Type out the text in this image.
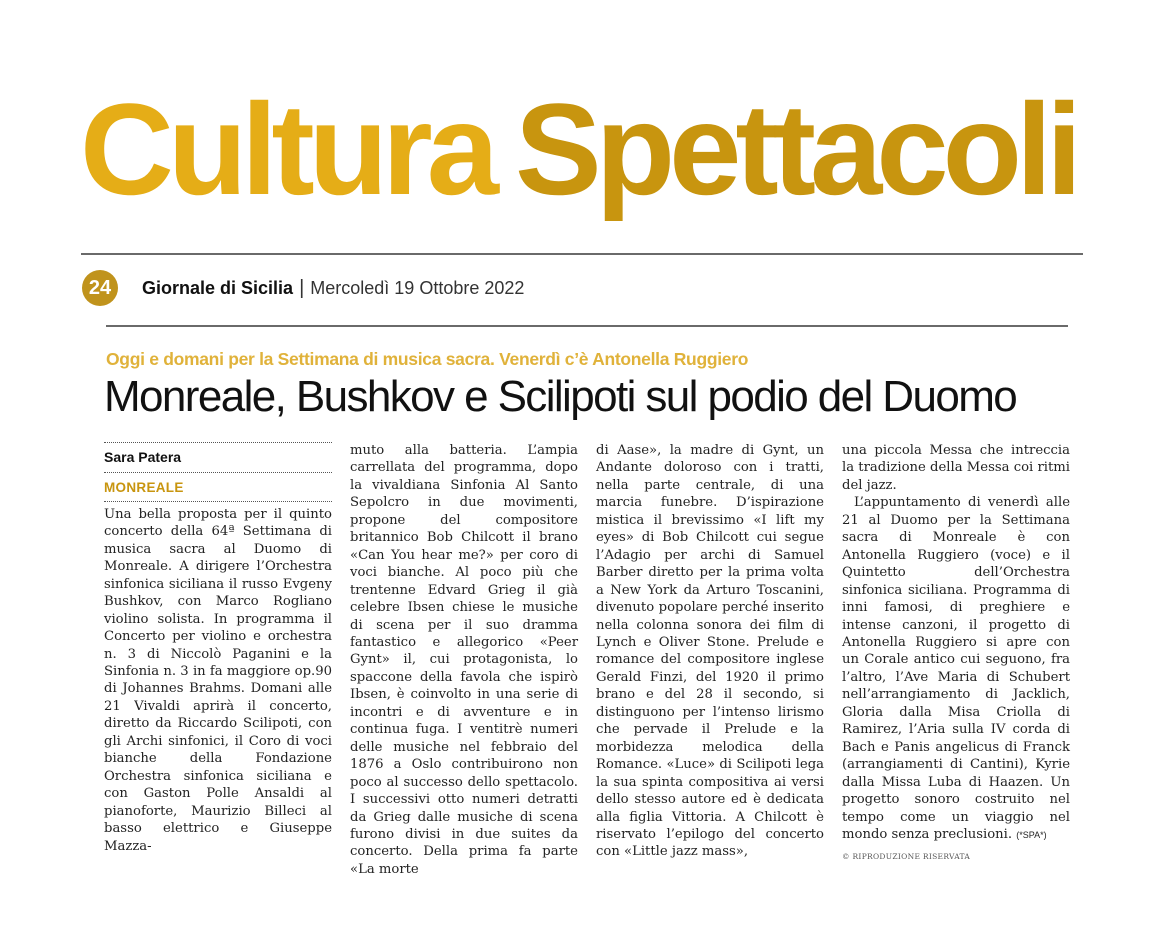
Cultura Spettacoli
24	Giornale di Sicilia | Mercoledì 19 Ottobre 2022
Oggi e domani per la Settimana di musica sacra. Venerdì c’è Antonella Ruggiero
Monreale, Bushkov e Scilipoti sul podio del Duomo
Sara Patera
MONREALE

Una bella proposta per il quinto concerto della 64ª Settimana di musica sacra al Duomo di Monreale. A dirigere l’Orchestra sinfonica siciliana il russo Evgeny Bushkov, con Marco Rogliano violino solista. In programma il Concerto per violino e orchestra n. 3 di Niccolò Paganini e la Sinfonia n. 3 in fa maggiore op.90 di Johannes Brahms. Domani alle 21 Vivaldi aprirà il concerto, diretto da Riccardo Scilipoti, con gli Archi sinfonici, il Coro di voci bianche della Fondazione Orchestra sinfonica siciliana e con Gaston Polle Ansaldi al pianoforte, Maurizio Billeci al basso elettrico e Giuseppe Mazza-

muto alla batteria. L’ampia carrellata del programma, dopo la vivaldiana Sinfonia Al Santo Sepolcro in due movimenti, propone del compositore britannico Bob Chilcott il brano «Can You hear me?» per coro di voci bianche. Al poco più che trentenne Edvard Grieg il già celebre Ibsen chiese le musiche di scena per il suo dramma fantastico e allegorico «Peer Gynt» il, cui protagonista, lo spaccone della favola che ispirò Ibsen, è coinvolto in una serie di incontri e di avventure e in continua fuga. I ventitrè numeri delle musiche nel febbraio del 1876 a Oslo contribuirono non poco al successo dello spettacolo. I successivi otto numeri detratti da Grieg dalle musiche di scena furono divisi in due suites da concerto. Della prima fa parte «La morte

di Aase», la madre di Gynt, un Andante doloroso con i tratti, nella parte centrale, di una marcia funebre. D’ispirazione mistica il brevissimo «I lift my eyes» di Bob Chilcott cui segue l’Adagio per archi di Samuel Barber diretto per la prima volta a New York da Arturo Toscanini, divenuto popolare perché inserito nella colonna sonora dei film di Lynch e Oliver Stone. Prelude e romance del compositore inglese Gerald Finzi, del 1920 il primo brano e del 28 il secondo, si distinguono per l’intenso lirismo che pervade il Prelude e la morbidezza melodica della Romance. «Luce» di Scilipoti lega la sua spinta compositiva ai versi dello stesso autore ed è dedicata alla figlia Vittoria. A Chilcott è riservato l’epilogo del concerto con «Little jazz mass»,

una piccola Messa che intreccia la tradizione della Messa coi ritmi del jazz.

L’appuntamento di venerdì alle 21 al Duomo per la Settimana sacra di Monreale è con Antonella Ruggiero (voce) e il Quintetto dell’Orchestra sinfonica siciliana. Programma di inni famosi, di preghiere e intense canzoni, il progetto di Antonella Ruggiero si apre con un Corale antico cui seguono, fra l’altro, l’Ave Maria di Schubert nell’arrangiamento di Jacklich, Gloria dalla Misa Criolla di Ramirez, l’Aria sulla IV corda di Bach e Panis angelicus di Franck (arrangiamenti di Cantini), Kyrie dalla Missa Luba di Haazen. Un progetto sonoro costruito nel tempo come un viaggio nel mondo senza preclusioni. (*SPA*)

© RIPRODUZIONE RISERVATA
